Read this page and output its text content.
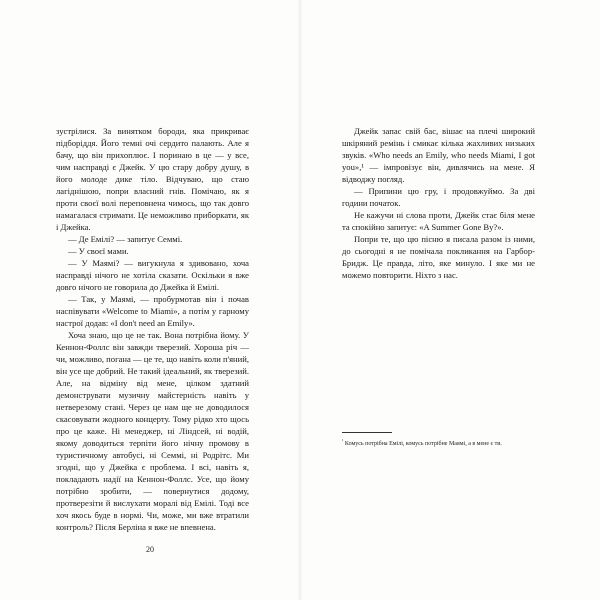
зустрілися. За винятком бороди, яка прикриває підборіддя. Його темні очі сердито палають. Але я бачу, що він прихоплює. І поринаю в це — у все, чим насправді є Джейк. У цю стару добру душу, в його молоде дике тіло. Відчуваю, що стаю лагіднішою, попри власний гнів. Помічаю, як я проти своєї волі переповнена чимось, що так довго намагалася стримати. Це неможливо приборкати, як і Джейка.

— Де Емілі? — запитує Семмі.

— У своєї мами.

— У Маямі? — вигукнула я здивовано, хоча насправді нічого не хотіла сказати. Оскільки я вже довго нічого не говорила до Джейка й Емілі.

— Так, у Маямі, — пробурмотав він і почав наспівувати «Welcome to Miami», а потім у гарному настрої додав: «I don't need an Emily».

Хоча знаю, що це не так. Вона потрібна йому. У Кеннон-Фоллс він завжди тверезий. Хороша річ — чи, можливо, погана — це те, що навіть коли п'яний, він усе ще добрий. Не такий ідеальний, як тверезий. Але, на відміну від мене, цілком здатний демонструвати музичну майстерність навіть у нетверезому стані. Через це нам ще не доводилося скасовувати жодного концерту. Тому рідко хто щось про це каже. Ні менеджер, ні Ліндсей, ні водій, якому доводиться терпіти його нічну промову в туристичному автобусі, ні Семмі, ні Родрітс. Ми згодні, що у Джейка є проблема. І всі, навіть я, покладають надії на Кеннон-Фоллс. Усе, що йому потрібно зробити, — повернутися додому, протверезіти й вислухати моралі від Емілі. Тоді все хоч якось буде в нормі. Чи, може, ми вже втратили контроль? Після Берліна я вже не впевнена.

20

Джейк запас свій бас, вішає на плечі широкий шкіряний ремінь і смикає кілька жахливих низьких звуків. «Who needs an Emily, who needs Miami, I got you»,¹ — імпровізує він, дивлячись на мене. Я відводжу погляд.

— Припини цю гру, і продовжуймо. За дві години початок.

Не кажучи ні слова проти, Джейк стає біля мене та спокійно запитує: «A Summer Gone By?».

Попри те, що цю пісню я писала разом із ними, до сьогодні я не помічала покликання на Гарбор-Бридж. Це правда, літо, яке минуло. І яке ми не можемо повторити. Ніхто з нас.

$^{^1}$ Комусь потрібна Емілі, комусь потрібне Маямі, а в мене є ти.
